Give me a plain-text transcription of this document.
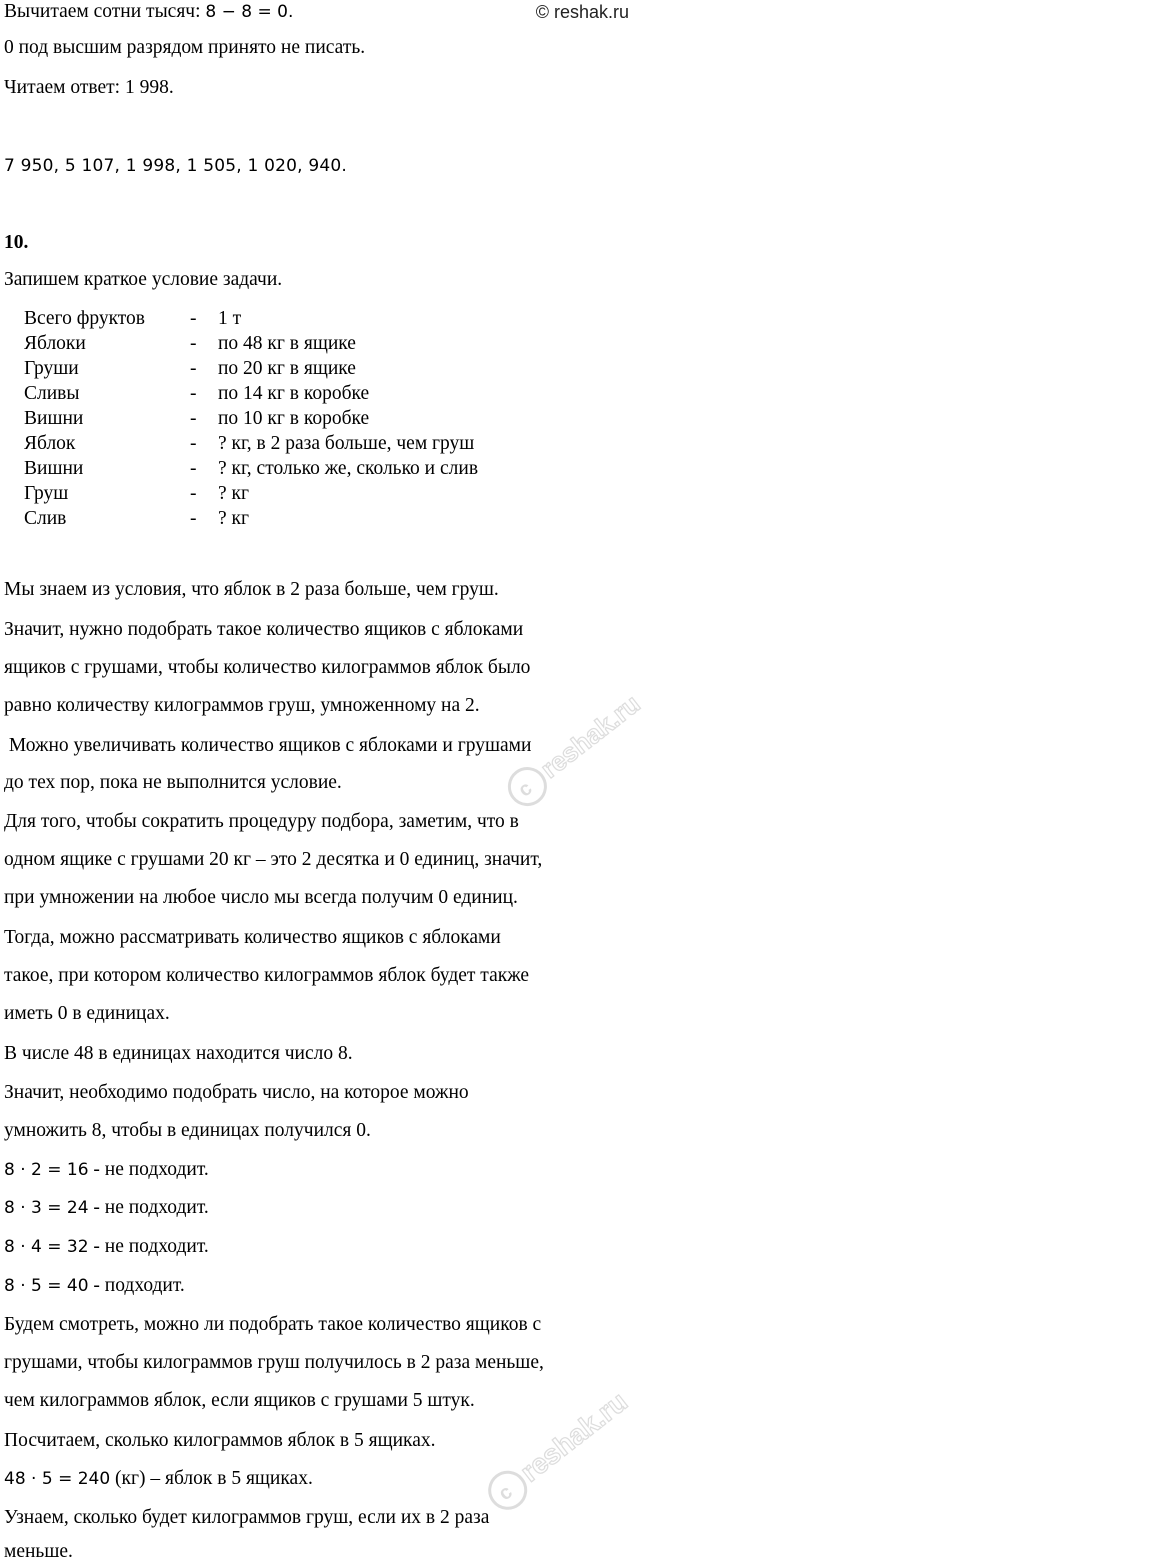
© reshak.ru
Вычитаем сотни тысяч: 8 − 8 = 0.
0 под высшим разрядом принято не писать.
Читаем ответ: 1 998.
7 950, 5 107, 1 998, 1 505, 1 020, 940.
10.
Запишем краткое условие задачи.
Всего фруктов - 1 т
Яблоки	- по 48 кг в ящике
Груши	- по 20 кг в ящике
Сливы	- по 14 кг в коробке
Вишни	- по 10 кг в коробке
Яблок	- ? кг, в 2 раза больше, чем груш
Вишни	- ? кг, столько же, сколько и слив
Груш	- ? кг
Слив	- ? кг
Мы знаем из условия, что яблок в 2 раза больше, чем груш.
Значит, нужно подобрать такое количество ящиков с яблоками
ящиков с грушами, чтобы количество килограммов яблок было
равно количеству килограммов груш, умноженному на 2.
Можно увеличивать количество ящиков с яблоками и грушами
до тех пор, пока не выполнится условие.
Для того, чтобы сократить процедуру подбора, заметим, что в
одном ящике с грушами 20 кг – это 2 десятка и 0 единиц, значит,
при умножении на любое число мы всегда получим 0 единиц.
Тогда, можно рассматривать количество ящиков с яблоками
такое, при котором количество килограммов яблок будет также
иметь 0 в единицах.
В числе 48 в единицах находится число 8.
Значит, необходимо подобрать число, на которое можно
умножить 8, чтобы в единицах получился 0.
8 · 2 = 16 - не подходит.
8 · 3 = 24 - не подходит.
8 · 4 = 32 - не подходит.
8 · 5 = 40 - подходит.
Будем смотреть, можно ли подобрать такое количество ящиков с
грушами, чтобы килограммов груш получилось в 2 раза меньше,
чем килограммов яблок, если ящиков с грушами 5 штук.
Посчитаем, сколько килограммов яблок в 5 ящиках.
48 · 5 = 240 (кг) – яблок в 5 ящиках.
Узнаем, сколько будет килограммов груш, если их в 2 раза
меньше.
c
reshak.ru
c
reshak.ru
